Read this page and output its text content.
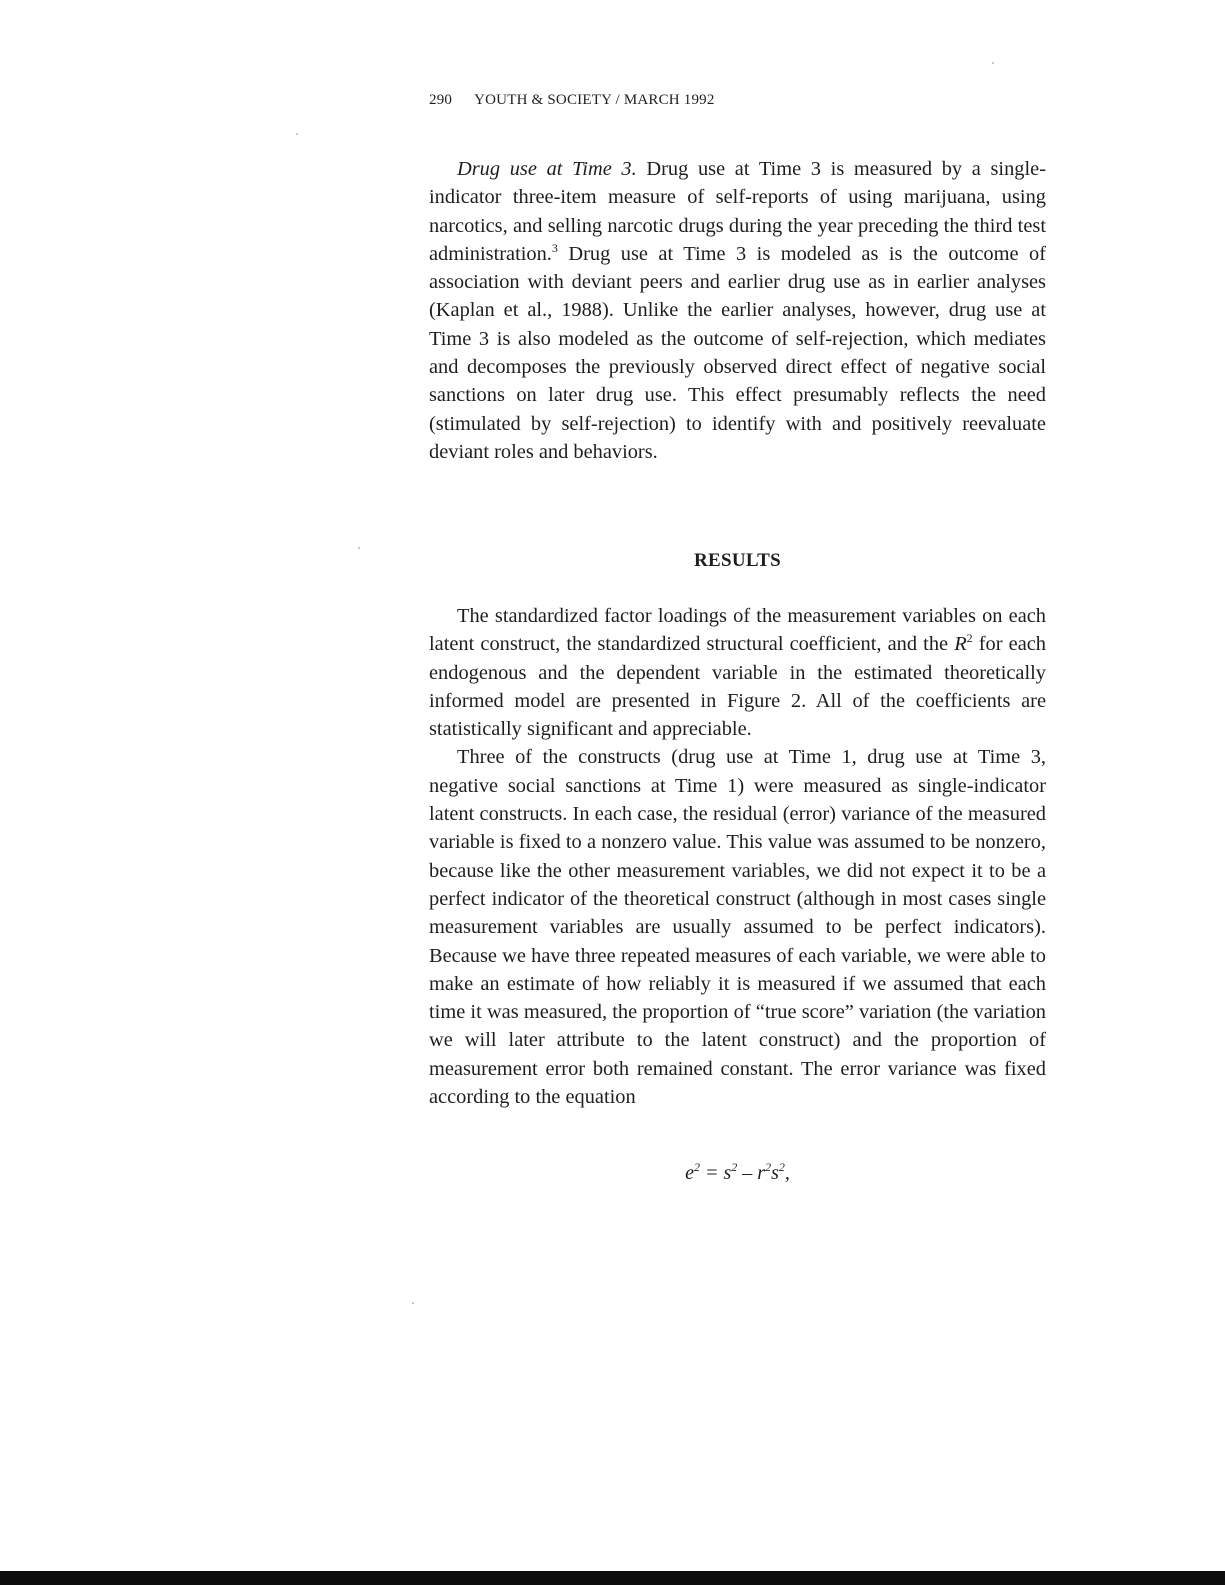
290 YOUTH & SOCIETY / MARCH 1992

Drug use at Time 3. Drug use at Time 3 is measured by a single-indicator three-item measure of self-reports of using marijuana, using narcotics, and selling narcotic drugs during the year preceding the third test administration.$^3$ Drug use at Time 3 is modeled as is the outcome of association with deviant peers and earlier drug use as in earlier analyses (Kaplan et al., 1988). Unlike the earlier analyses, however, drug use at Time 3 is also modeled as the outcome of self-rejection, which mediates and decomposes the previously observed direct effect of negative social sanctions on later drug use. This effect presumably reflects the need (stimulated by self-rejection) to identify with and positively reevaluate deviant roles and behaviors.

RESULTS

The standardized factor loadings of the measurement variables on each latent construct, the standardized structural coefficient, and the R$^2$ for each endogenous and the dependent variable in the estimated theoretically informed model are presented in Figure 2. All of the coefficients are statistically significant and appreciable.

Three of the constructs (drug use at Time 1, drug use at Time 3, negative social sanctions at Time 1) were measured as single-indicator latent constructs. In each case, the residual (error) variance of the measured variable is fixed to a nonzero value. This value was assumed to be nonzero, because like the other measurement variables, we did not expect it to be a perfect indicator of the theoretical construct (although in most cases single measurement variables are usually assumed to be perfect indicators). Because we have three repeated measures of each variable, we were able to make an estimate of how reliably it is measured if we assumed that each time it was measured, the proportion of “true score” variation (the variation we will later attribute to the latent construct) and the proportion of measurement error both remained constant. The error variance was fixed according to the equation

$e^2 = s^2 - r^2s^2$,
